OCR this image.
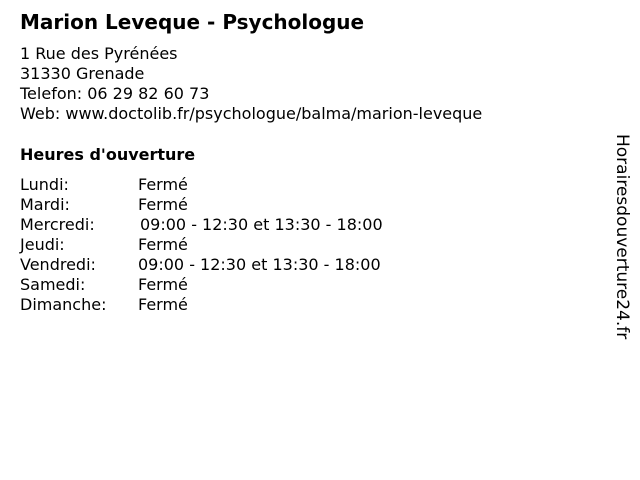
Marion Leveque - Psychologue
1 Rue des Pyrénées
31330 Grenade
Telefon: 06 29 82 60 73
Web: www.doctolib.fr/psychologue/balma/marion-leveque
Heures d'ouverture
Lundi:	Fermé
Mardi:	Fermé
Mercredi:	09:00 - 12:30 et 13:30 - 18:00
Jeudi:	Fermé
Vendredi:	09:00 - 12:30 et 13:30 - 18:00
Samedi:	Fermé
Dimanche: Fermé	Horairesdouverture24.fr
